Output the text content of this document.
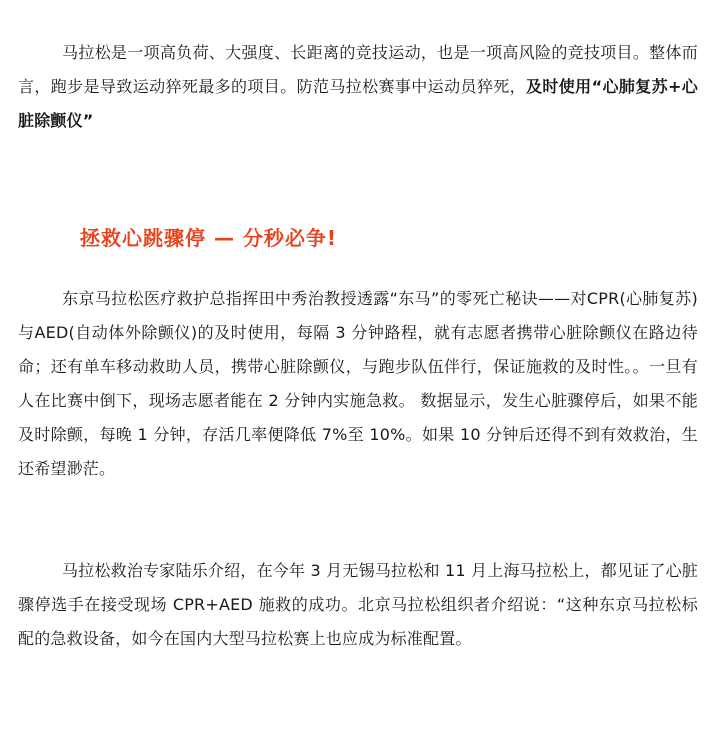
马拉松是一项高负荷、大强度、长距离的竞技运动，也是一项高风险的竞技项目。整体而言，跑步是导致运动猝死最多的项目。防范马拉松赛事中运动员猝死，及时使用“心肺复苏+心脏除颤仪”

拯救心跳骤停 — 分秒必争!

东京马拉松医疗救护总指挥田中秀治教授透露“东马”的零死亡秘诀——对CPR(心肺复苏)与AED(自动体外除颤仪)的及时使用，每隔 3 分钟路程，就有志愿者携带心脏除颤仪在路边待命；还有单车移动救助人员，携带心脏除颤仪，与跑步队伍伴行，保证施救的及时性。。一旦有人在比赛中倒下，现场志愿者能在 2 分钟内实施急救。 数据显示，发生心脏骤停后，如果不能及时除颤，每晚 1 分钟，存活几率便降低 7%至 10%。如果 10 分钟后还得不到有效救治，生还希望渺茫。

马拉松救治专家陆乐介绍，在今年 3 月无锡马拉松和 11 月上海马拉松上，都见证了心脏骤停选手在接受现场 CPR+AED 施救的成功。北京马拉松组织者介绍说：“这种东京马拉松标配的急救设备，如今在国内大型马拉松赛上也应成为标准配置。
